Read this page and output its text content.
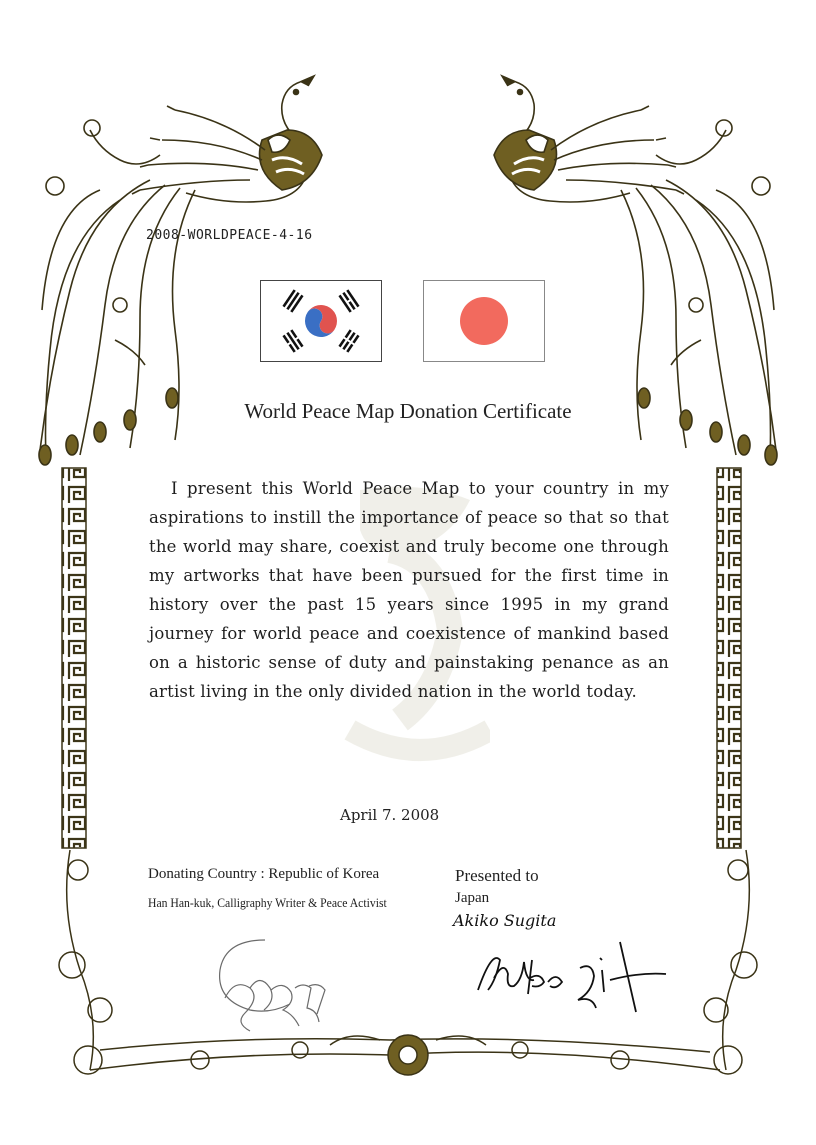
2008-WORLDPEACE-4-16
World Peace Map Donation Certificate
I present this World Peace Map to your country in my aspirations to instill the importance of peace so that so that the world may share, coexist and truly become one through my artworks that have been pursued for the first time in history over the past 15 years since 1995 in my grand journey for world peace and coexistence of mankind based on a historic sense of duty and painstaking penance as an artist living in the only divided nation in the world today.
April 7. 2008
Donating Country : Republic of Korea
Han Han-kuk, Calligraphy Writer & Peace Activist
Presented to
Japan
Akiko Sugita
